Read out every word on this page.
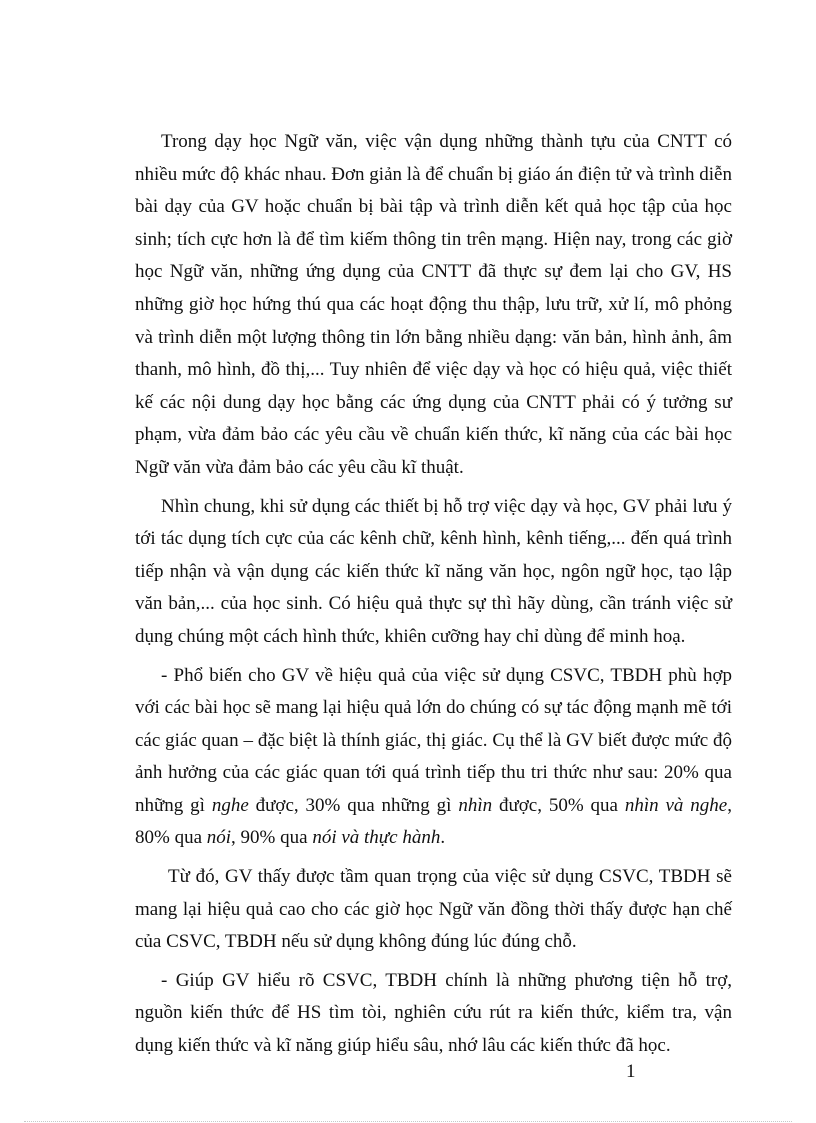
Trong dạy học Ngữ văn, việc vận dụng những thành tựu của CNTT có nhiều mức độ khác nhau. Đơn giản là để chuẩn bị giáo án điện tử và trình diễn bài dạy của GV hoặc chuẩn bị bài tập và trình diễn kết quả học tập của học sinh; tích cực hơn là để tìm kiếm thông tin trên mạng. Hiện nay, trong các giờ học Ngữ văn, những ứng dụng của CNTT đã thực sự đem lại cho GV, HS những giờ học hứng thú qua các hoạt động thu thập, lưu trữ, xử lí, mô phỏng và trình diễn một lượng thông tin lớn bằng nhiều dạng: văn bản, hình ảnh, âm thanh, mô hình, đồ thị,... Tuy nhiên để việc dạy và học có hiệu quả, việc thiết kế các nội dung dạy học bằng các ứng dụng của CNTT phải có ý tưởng sư phạm, vừa đảm bảo các yêu cầu về chuẩn kiến thức, kĩ năng của các bài học Ngữ văn vừa đảm bảo các yêu cầu kĩ thuật.

Nhìn chung, khi sử dụng các thiết bị hỗ trợ việc dạy và học, GV phải lưu ý tới tác dụng tích cực của các kênh chữ, kênh hình, kênh tiếng,... đến quá trình tiếp nhận và vận dụng các kiến thức kĩ năng văn học, ngôn ngữ học, tạo lập văn bản,... của học sinh. Có hiệu quả thực sự thì hãy dùng, cần tránh việc sử dụng chúng một cách hình thức, khiên cưỡng hay chỉ dùng để minh hoạ.

- Phổ biến cho GV về hiệu quả của việc sử dụng CSVC, TBDH phù hợp với các bài học sẽ mang lại hiệu quả lớn do chúng có sự tác động mạnh mẽ tới các giác quan – đặc biệt là thính giác, thị giác. Cụ thể là GV biết được mức độ ảnh hưởng của các giác quan tới quá trình tiếp thu tri thức như sau: 20% qua những gì nghe được, 30% qua những gì nhìn được, 50% qua nhìn và nghe, 80% qua nói, 90% qua nói và thực hành.

Từ đó, GV thấy được tầm quan trọng của việc sử dụng CSVC, TBDH sẽ mang lại hiệu quả cao cho các giờ học Ngữ văn đồng thời thấy được hạn chế của CSVC, TBDH nếu sử dụng không đúng lúc đúng chỗ.

- Giúp GV hiểu rõ CSVC, TBDH chính là những phương tiện hỗ trợ, nguồn kiến thức để HS tìm tòi, nghiên cứu rút ra kiến thức, kiểm tra, vận dụng kiến thức và kĩ năng giúp hiểu sâu, nhớ lâu các kiến thức đã học.

1
